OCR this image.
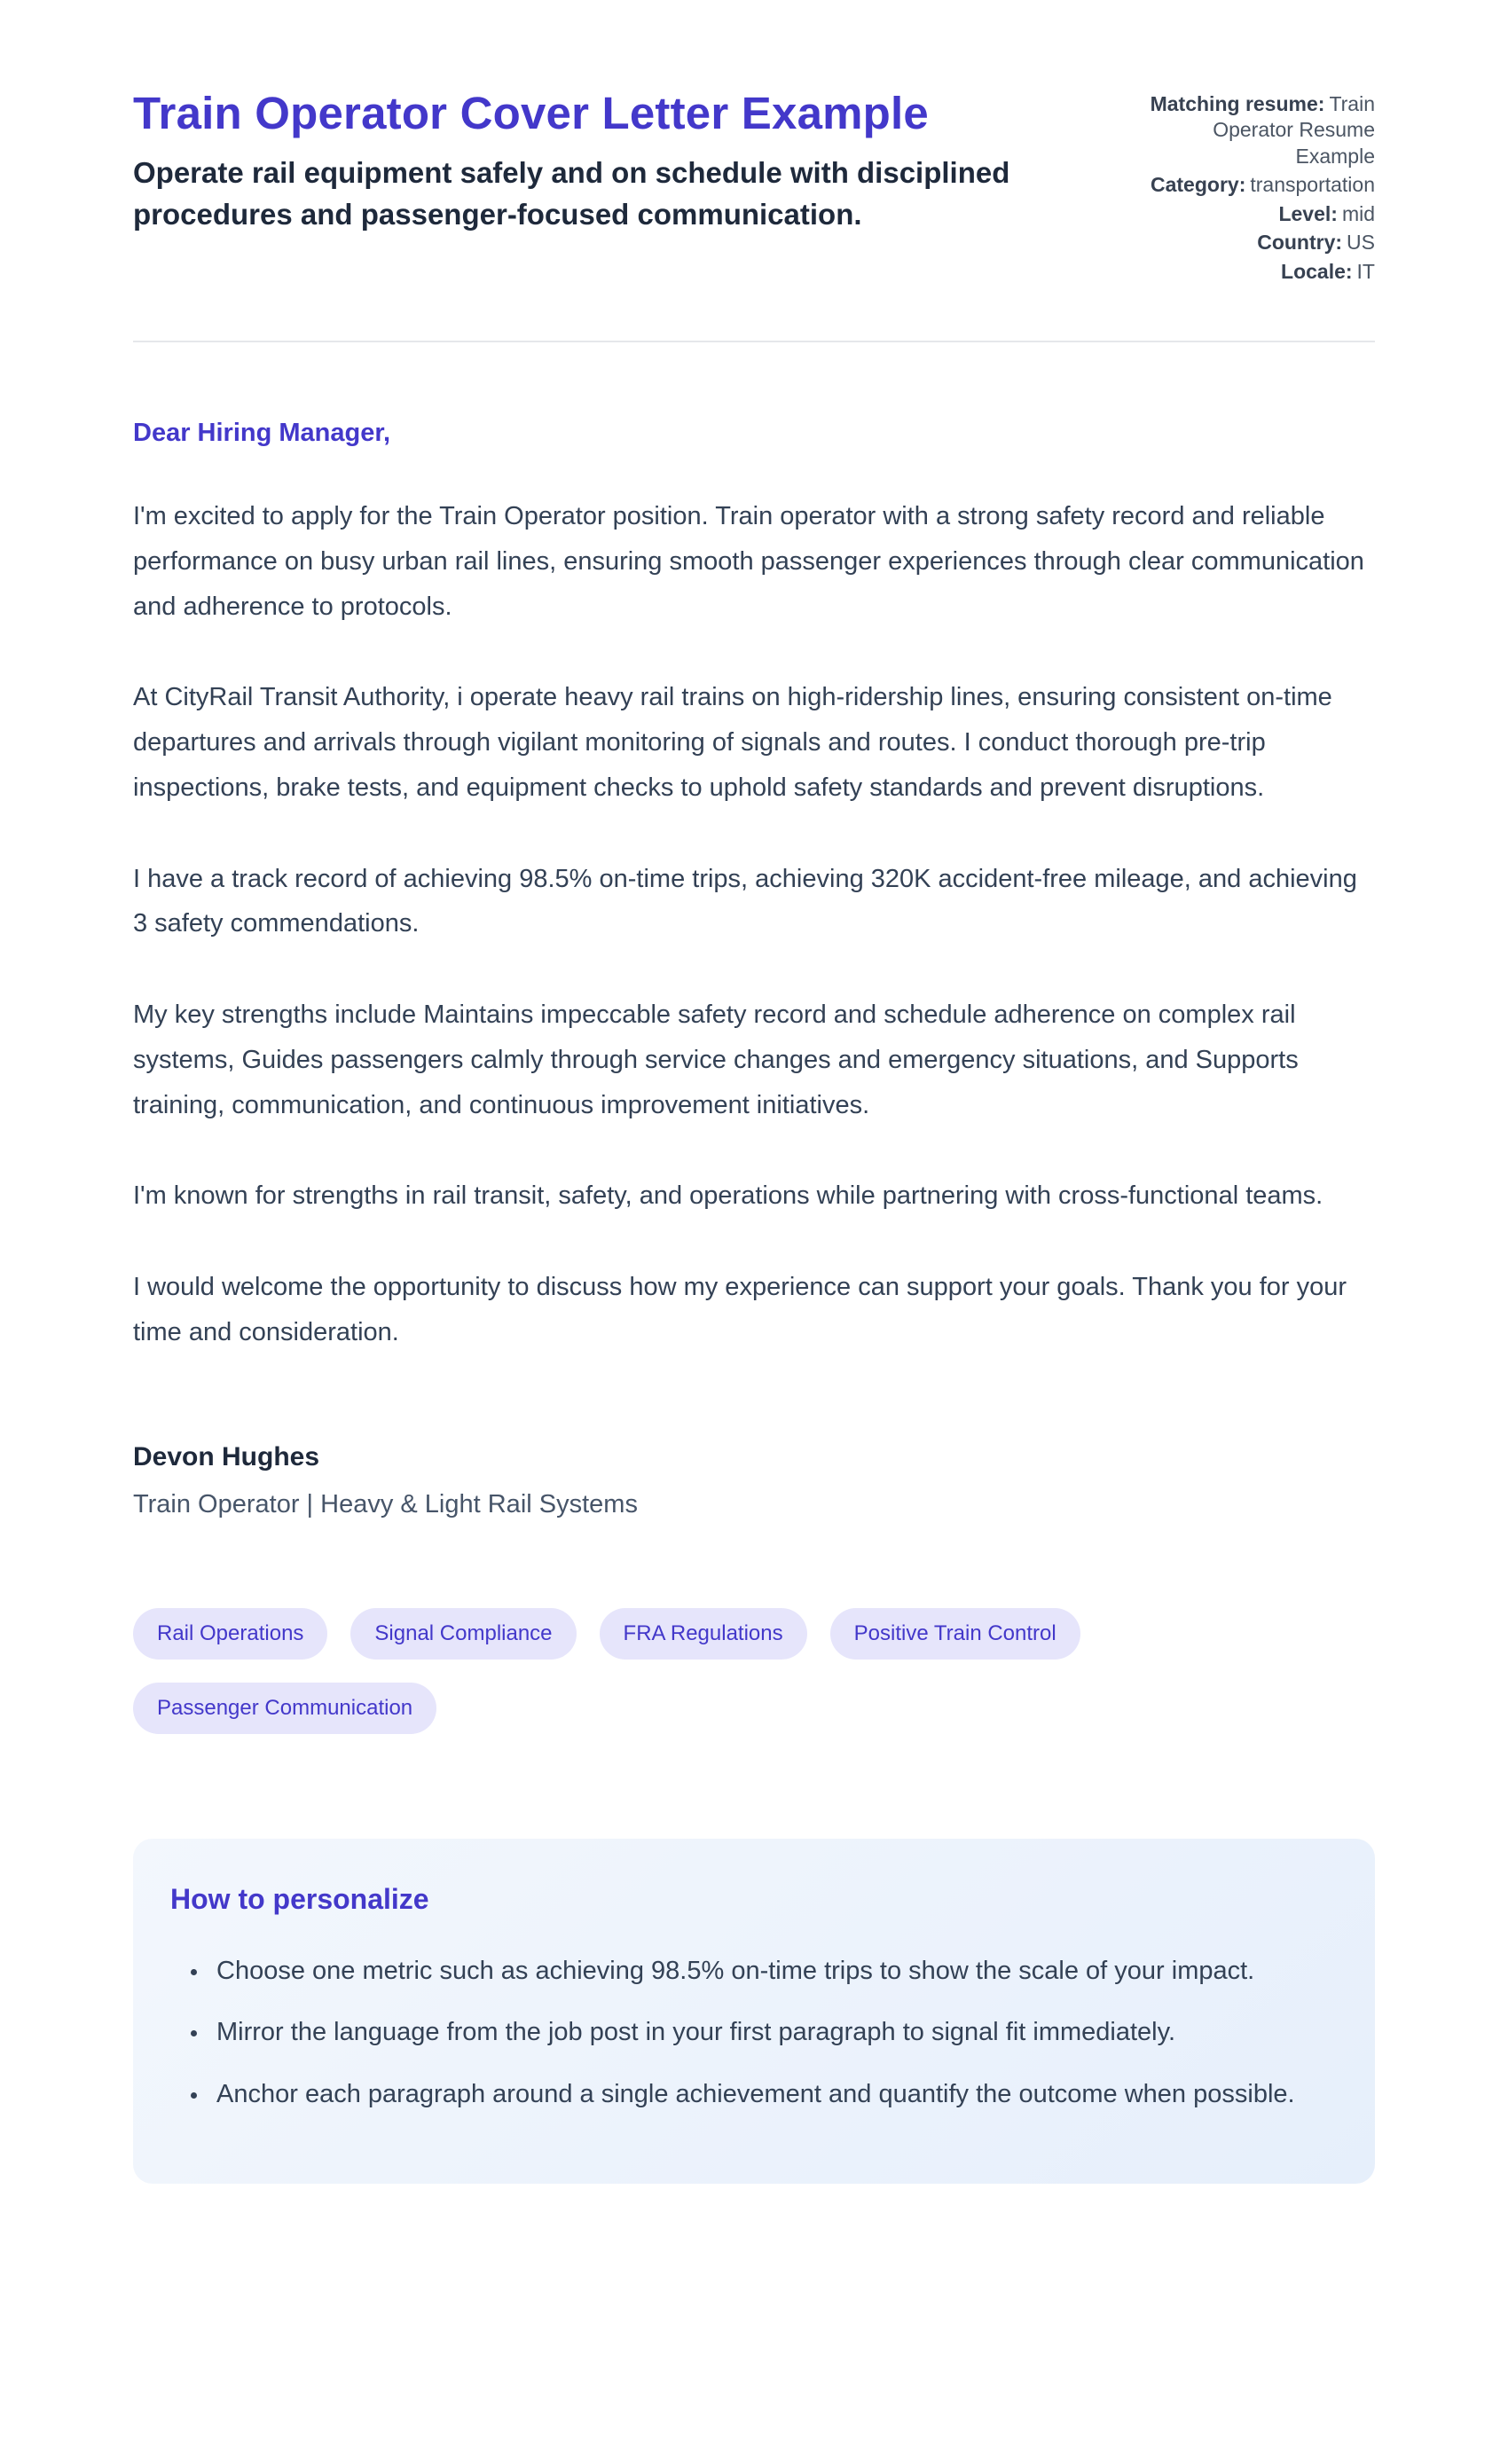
Train Operator Cover Letter Example

Operate rail equipment safely and on schedule with disciplined procedures and passenger-focused communication.

Matching resume: Train Operator Resume Example
Category: transportation
Level: mid
Country: US
Locale: IT

Dear Hiring Manager,

I'm excited to apply for the Train Operator position. Train operator with a strong safety record and reliable performance on busy urban rail lines, ensuring smooth passenger experiences through clear communication and adherence to protocols.

At CityRail Transit Authority, i operate heavy rail trains on high-ridership lines, ensuring consistent on-time departures and arrivals through vigilant monitoring of signals and routes. I conduct thorough pre-trip inspections, brake tests, and equipment checks to uphold safety standards and prevent disruptions.

I have a track record of achieving 98.5% on-time trips, achieving 320K accident-free mileage, and achieving 3 safety commendations.

My key strengths include Maintains impeccable safety record and schedule adherence on complex rail systems, Guides passengers calmly through service changes and emergency situations, and Supports training, communication, and continuous improvement initiatives.

I'm known for strengths in rail transit, safety, and operations while partnering with cross-functional teams.

I would welcome the opportunity to discuss how my experience can support your goals. Thank you for your time and consideration.

Devon Hughes

Train Operator | Heavy & Light Rail Systems

Rail Operations	Signal Compliance	FRA Regulations	Positive Train Control
Passenger Communication
How to personalize
• Choose one metric such as achieving 98.5% on-time trips to show the scale of your impact.
• Mirror the language from the job post in your first paragraph to signal fit immediately.
• Anchor each paragraph around a single achievement and quantify the outcome when possible.
